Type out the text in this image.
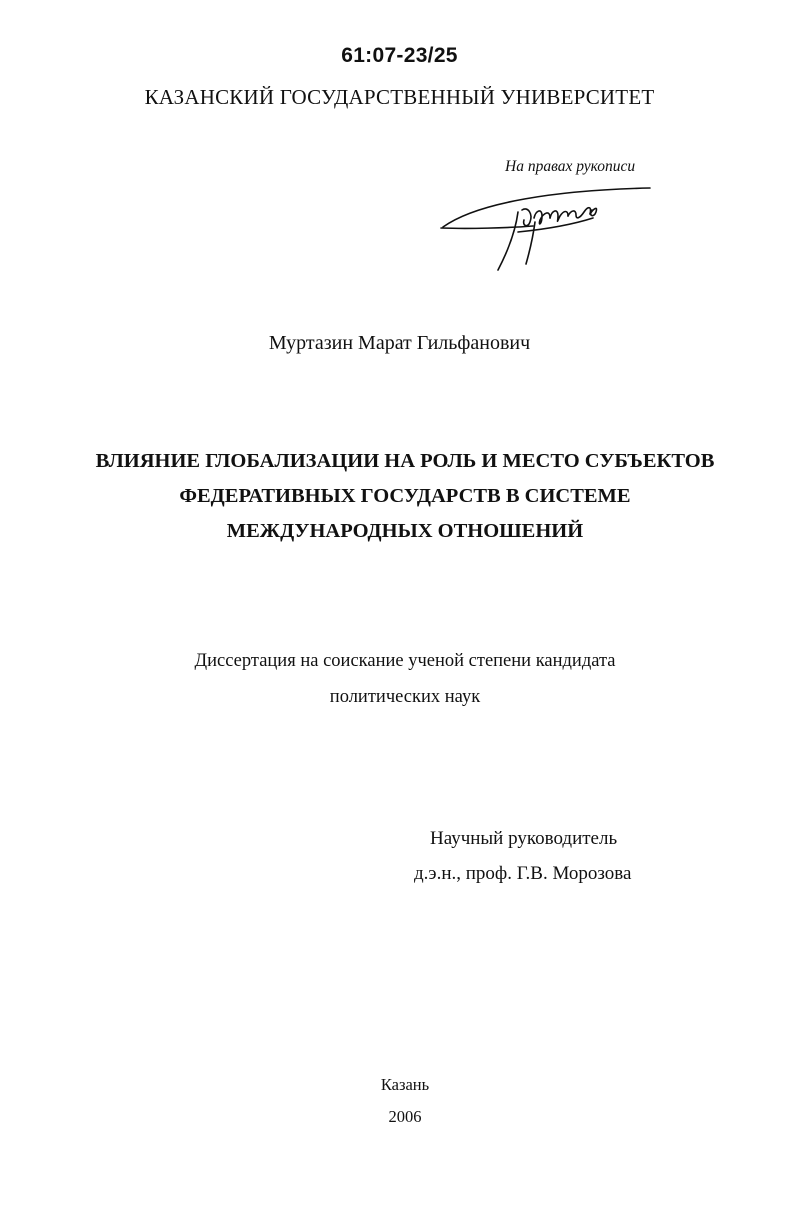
61:07-23/25
КАЗАНСКИЙ ГОСУДАРСТВЕННЫЙ УНИВЕРСИТЕТ
На правах рукописи
Муртазин Марат Гильфанович
ВЛИЯНИЕ ГЛОБАЛИЗАЦИИ НА РОЛЬ И МЕСТО СУБЪЕКТОВ
ФЕДЕРАТИВНЫХ ГОСУДАРСТВ В СИСТЕМЕ
МЕЖДУНАРОДНЫХ ОТНОШЕНИЙ
Диссертация на соискание ученой степени кандидата
политических наук
Научный руководитель
д.э.н., проф. Г.В. Морозова
Казань
2006
